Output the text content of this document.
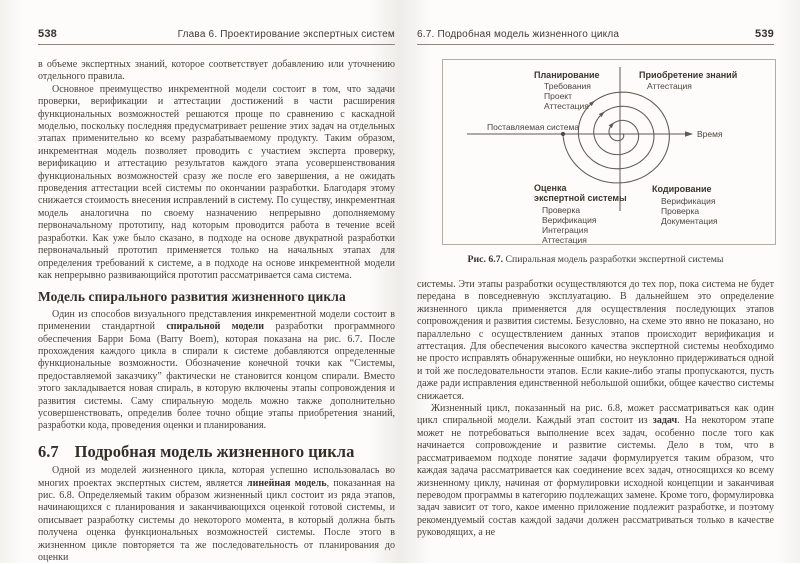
538	Глава 6. Проектирование экспертных систем

в объеме экспертных знаний, которое соответствует добавлению или уточнению отдельного правила.

Основное преимущество инкрементной модели состоит в том, что задачи проверки, верификации и аттестации достижений в части расширения функциональных возможностей решаются проще по сравнению с каскадной моделью, поскольку последняя предусматривает решение этих задач на отдельных этапах применительно ко всему разрабатываемому продукту. Таким образом, инкрементная модель позволяет проводить с участием эксперта проверку, верификацию и аттестацию результатов каждого этапа усовершенствования функциональных возможностей сразу же после его завершения, а не ожидать проведения аттестации всей системы по окончании разработки. Благодаря этому снижается стоимость внесения исправлений в систему. По существу, инкрементная модель аналогична по своему назначению непрерывно дополняемому первоначальному прототипу, над которым проводится работа в течение всей разработки. Как уже было сказано, в подходе на основе двукратной разработки первоначальный прототип применяется только на начальных этапах для определения требований к системе, а в подходе на основе инкрементной модели как непрерывно развивающийся прототип рассматривается сама система.

Модель спирального развития жизненного цикла

Один из способов визуального представления инкрементной модели состоит в применении стандартной спиральной модели разработки программного обеспечения Барри Бома (Barry Boem), которая показана на рис. 6.7. После прохождения каждого цикла в спирали к системе добавляются определенные функциональные возможности. Обозначение конечной точки как “Системы, предоставляемой заказчику” фактически не становится концом спирали. Вместо этого закладывается новая спираль, в которую включены этапы сопровождения и развития системы. Саму спиральную модель можно также дополнительно усовершенствовать, определив более точно общие этапы приобретения знаний, разработки кода, проведения оценки и планирования.

6.7 Подробная модель жизненного цикла

Одной из моделей жизненного цикла, которая успешно использовалась во многих проектах экспертных систем, является линейная модель, показанная на рис. 6.8. Определяемый таким образом жизненный цикл состоит из ряда этапов, начинающихся с планирования и заканчивающихся оценкой готовой системы, и описывает разработку системы до некоторого момента, в который должна быть получена оценка функциональных возможностей системы. После этого в жизненном цикле повторяется та же последовательность от планирования до оценки

6.7. Подробная модель жизненного цикла	539
Планирование
Требования
Проект
Аттестация
Приобретение знаний
Аттестация
Оценка
экспертной системы
Проверка
Верификация
Интеграция
Аттестация
Кодирование
Верификация
Проверка
Документация
Поставляемая система
Время
Рис. 6.7. Спиральная модель разработки экспертной системы

системы. Эти этапы разработки осуществляются до тех пор, пока система не будет передана в повседневную эксплуатацию. В дальнейшем это определение жизненного цикла применяется для осуществления последующих этапов сопровождения и развития системы. Безусловно, на схеме это явно не показано, но параллельно с осуществлением данных этапов происходит верификация и аттестация. Для обеспечения высокого качества экспертной системы необходимо не просто исправлять обнаруженные ошибки, но неуклонно придерживаться одной и той же последовательности этапов. Если какие-либо этапы пропускаются, пусть даже ради исправления единственной небольшой ошибки, общее качество системы снижается.

Жизненный цикл, показанный на рис. 6.8, может рассматриваться как один цикл спиральной модели. Каждый этап состоит из задач. На некотором этапе может не потребоваться выполнение всех задач, особенно после того как начинается сопровождение и развитие системы. Дело в том, что в рассматриваемом подходе понятие задачи формулируется таким образом, что каждая задача рассматривается как соединение всех задач, относящихся ко всему жизненному циклу, начиная от формулировки исходной концепции и заканчивая переводом программы в категорию подлежащих замене. Кроме того, формулировка задач зависит от того, какое именно приложение подлежит разработке, и поэтому рекомендуемый состав каждой задачи должен рассматриваться только в качестве руководящих, а не
